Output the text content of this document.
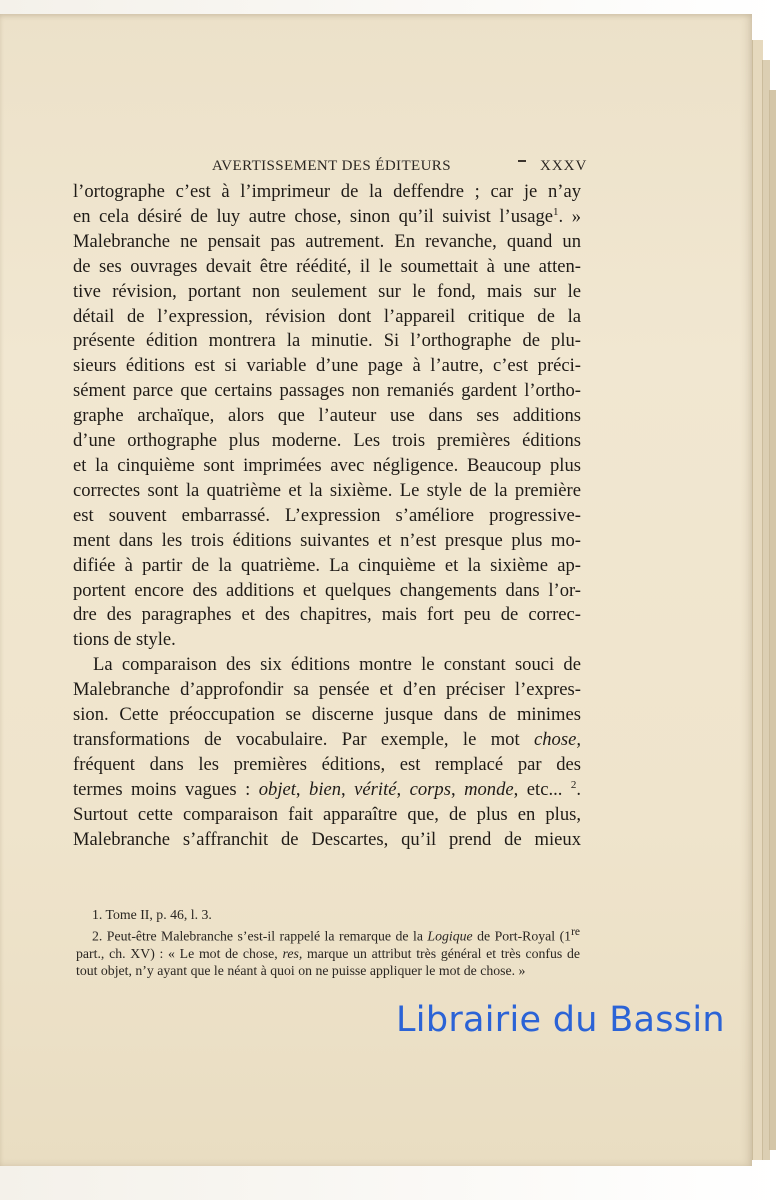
AVERTISSEMENT DES ÉDITEURS	XXXV

l’ortographe c’est à l’imprimeur de la deffendre ; car je n’ay

en cela désiré de luy autre chose, sinon qu’il suivist l’usage$^1$. »

Malebranche ne pensait pas autrement. En revanche, quand un

de ses ouvrages devait être réédité, il le soumettait à une atten-

tive révision, portant non seulement sur le fond, mais sur le

détail de l’expression, révision dont l’appareil critique de la

présente édition montrera la minutie. Si l’orthographe de plu-

sieurs éditions est si variable d’une page à l’autre, c’est préci-

sément parce que certains passages non remaniés gardent l’ortho-

graphe archaïque, alors que l’auteur use dans ses additions

d’une orthographe plus moderne. Les trois premières éditions

et la cinquième sont imprimées avec négligence. Beaucoup plus

correctes sont la quatrième et la sixième. Le style de la première

est souvent embarrassé. L’expression s’améliore progressive-

ment dans les trois éditions suivantes et n’est presque plus mo-

difiée à partir de la quatrième. La cinquième et la sixième ap-

portent encore des additions et quelques changements dans l’or-

dre des paragraphes et des chapitres, mais fort peu de correc-

tions de style.

La comparaison des six éditions montre le constant souci de

Malebranche d’approfondir sa pensée et d’en préciser l’expres-

sion. Cette préoccupation se discerne jusque dans de minimes

transformations de vocabulaire. Par exemple, le mot chose,

fréquent dans les premières éditions, est remplacé par des

termes moins vagues : objet, bien, vérité, corps, monde, etc... $^2$.

Surtout cette comparaison fait apparaître que, de plus en plus,

Malebranche s’affranchit de Descartes, qu’il prend de mieux

1. Tome II, p. 46, l. 3.

2. Peut-être Malebranche s’est-il rappelé la remarque de la Logique de Port-Royal (1re part., ch. XV) : « Le mot de chose, res, marque un attribut très général et très confus de tout objet, n’y ayant que le néant à quoi on ne puisse appliquer le mot de chose. »

Librairie du Bassin
